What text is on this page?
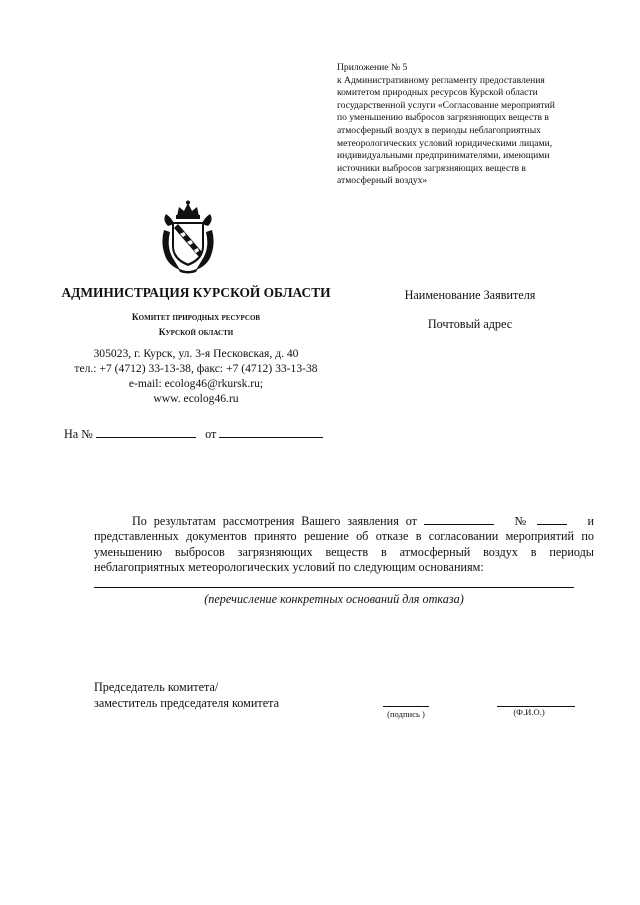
Приложение № 5
к Административному регламенту предоставления
комитетом природных ресурсов Курской области
государственной услуги «Согласование мероприятий
по уменьшению выбросов загрязняющих веществ в
атмосферный воздух в периоды неблагоприятных
метеорологических условий юридическими лицами,
индивидуальными предпринимателями, имеющими
источники выбросов загрязняющих веществ в
атмосферный воздух»
АДМИНИСТРАЦИЯ КУРСКОЙ ОБЛАСТИ
Комитет природных ресурсов
Курской области
305023, г. Курск, ул. 3-я Песковская, д. 40
тел.: +7 (4712) 33-13-38, факс: +7 (4712) 33-13-38
e-mail: ecolog46@rkursk.ru;
www. ecolog46.ru
Наименование Заявителя
Почтовый адрес
На №	от
По результатам рассмотрения Вашего заявления от	№	и представленных документов принято решение об отказе в согласовании мероприятий по уменьшению выбросов загрязняющих веществ в атмосферный воздух в периоды неблагоприятных метеорологических условий по следующим основаниям:
(перечисление конкретных оснований для отказа)
Председатель комитета/
заместитель председателя комитета
(подпись )	(Ф.И.О.)
